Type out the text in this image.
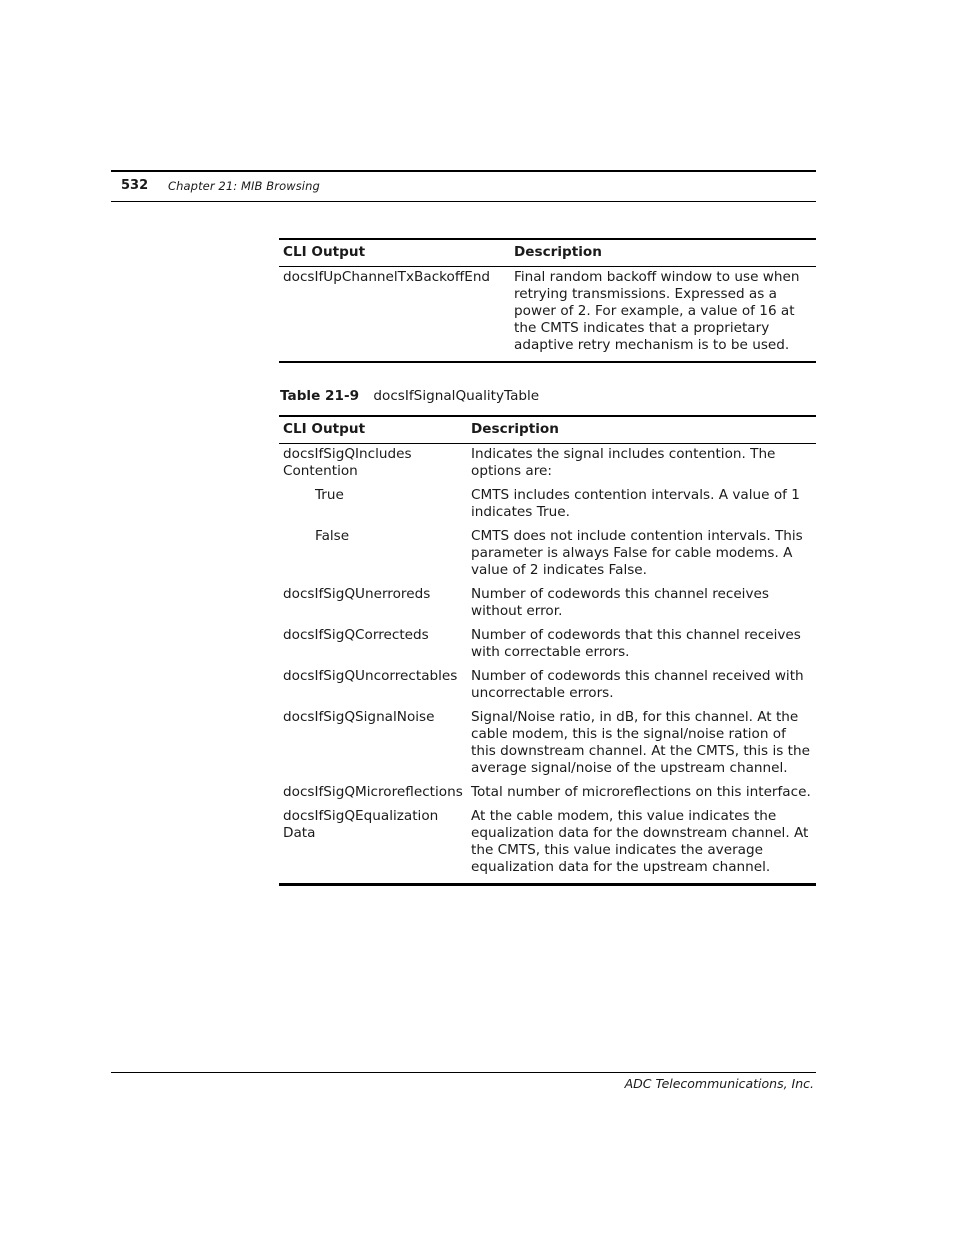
532 Chapter 21: MIB Browsing
CLI Output	Description
docsIfUpChannelTxBackoffEnd	Final random backoff window to use when retrying transmissions. Expressed as a power of 2. For example, a value of 16 at the CMTS indicates that a proprietary adaptive retry mechanism is to be used.
Table 21-9 docsIfSignalQualityTable
CLI Output	Description
docsIfSigQIncludes Contention	Indicates the signal includes contention. The options are:
True	CMTS includes contention intervals. A value of 1 indicates True.
False	CMTS does not include contention intervals. This parameter is always False for cable modems. A value of 2 indicates False.
docsIfSigQUnerroreds	Number of codewords this channel receives without error.
docsIfSigQCorrecteds	Number of codewords that this channel receives with correctable errors.
docsIfSigQUncorrectables	Number of codewords this channel received with uncorrectable errors.
docsIfSigQSignalNoise	Signal/Noise ratio, in dB, for this channel. At the cable modem, this is the signal/noise ration of this downstream channel. At the CMTS, this is the average signal/noise of the upstream channel.
docsIfSigQMicroreflections	Total number of microreflections on this interface.
docsIfSigQEqualization Data	At the cable modem, this value indicates the equalization data for the downstream channel. At the CMTS, this value indicates the average equalization data for the upstream channel.
ADC Telecommunications, Inc.
